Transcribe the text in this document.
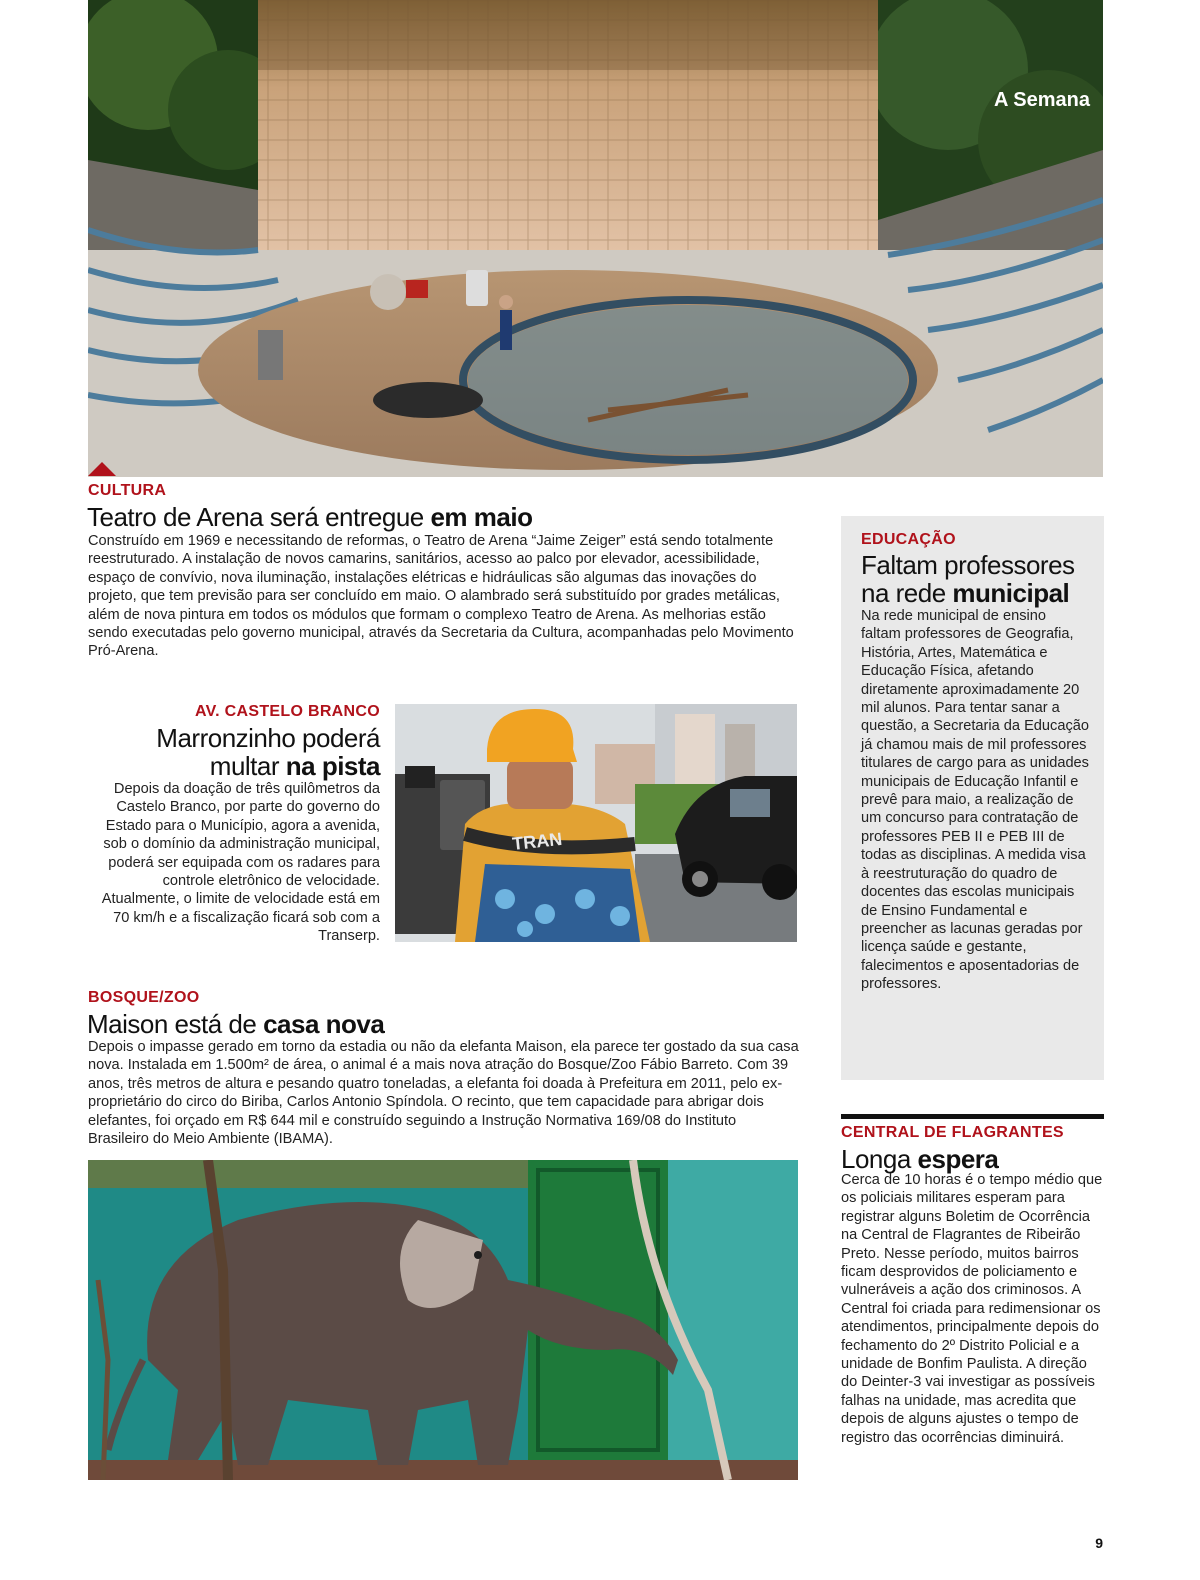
A Semana
CULTURA
Teatro de Arena será entregue em maio
Construído em 1969 e necessitando de reformas, o Teatro de Arena “Jaime Zeiger” está sendo totalmente reestruturado. A instalação de novos camarins, sanitários, acesso ao palco por elevador, acessibilidade, espaço de convívio, nova iluminação, instalações elétricas e hidráulicas são algumas das inovações do projeto, que tem previsão para ser concluído em maio. O alambrado será substituído por grades metálicas, além de nova pintura em todos os módulos que formam o complexo Teatro de Arena. As melhorias estão sendo executadas pelo governo municipal, através da Secretaria da Cultura, acompanhadas pelo Movimento Pró-Arena.
AV. CASTELO BRANCO
Marronzinho poderá
multar na pista
Depois da doação de três quilômetros da Castelo Branco, por parte do governo do Estado para o Município, agora a avenida, sob o domínio da administração municipal, poderá ser equipada com os radares para controle eletrônico de velocidade. Atualmente, o limite de velocidade está em 70 km/h e a fiscalização ficará sob com a Transerp.
TRAN
BOSQUE/ZOO
Maison está de casa nova
Depois o impasse gerado em torno da estadia ou não da elefanta Maison, ela parece ter gostado da sua casa nova. Instalada em 1.500m² de área, o animal é a mais nova atração do Bosque/Zoo Fábio Barreto. Com 39 anos, três metros de altura e pesando quatro toneladas, a elefanta foi doada à Prefeitura em 2011, pelo ex-proprietário do circo do Biriba, Carlos Antonio Spíndola. O recinto, que tem capacidade para abrigar dois elefantes, foi orçado em R$ 644 mil e construído seguindo a Instrução Normativa 169/08 do Instituto Brasileiro do Meio Ambiente (IBAMA).
EDUCAÇÃO
Faltam professores
na rede municipal
Na rede municipal de ensino faltam professores de Geografia, História, Artes, Matemática e Educação Física, afetando diretamente aproximadamente 20 mil alunos. Para tentar sanar a questão, a Secretaria da Educação já chamou mais de mil professores titulares de cargo para as unidades municipais de Educação Infantil e prevê para maio, a realização de um concurso para contratação de professores PEB II e PEB III de todas as disciplinas. A medida visa à reestruturação do quadro de docentes das escolas municipais de Ensino Fundamental e preencher as lacunas geradas por licença saúde e gestante, falecimentos e aposentadorias de professores.
CENTRAL DE FLAGRANTES
Longa espera
Cerca de 10 horas é o tempo médio que os policiais militares esperam para registrar alguns Boletim de Ocorrência na Central de Flagrantes de Ribeirão Preto. Nesse período, muitos bairros ficam desprovidos de policiamento e vulneráveis a ação dos criminosos. A Central foi criada para redimensionar os atendimentos, principalmente depois do fechamento do 2º Distrito Policial e a unidade de Bonfim Paulista. A direção do Deinter-3 vai investigar as possíveis falhas na unidade, mas acredita que depois de alguns ajustes o tempo de registro das ocorrências diminuirá.
9
